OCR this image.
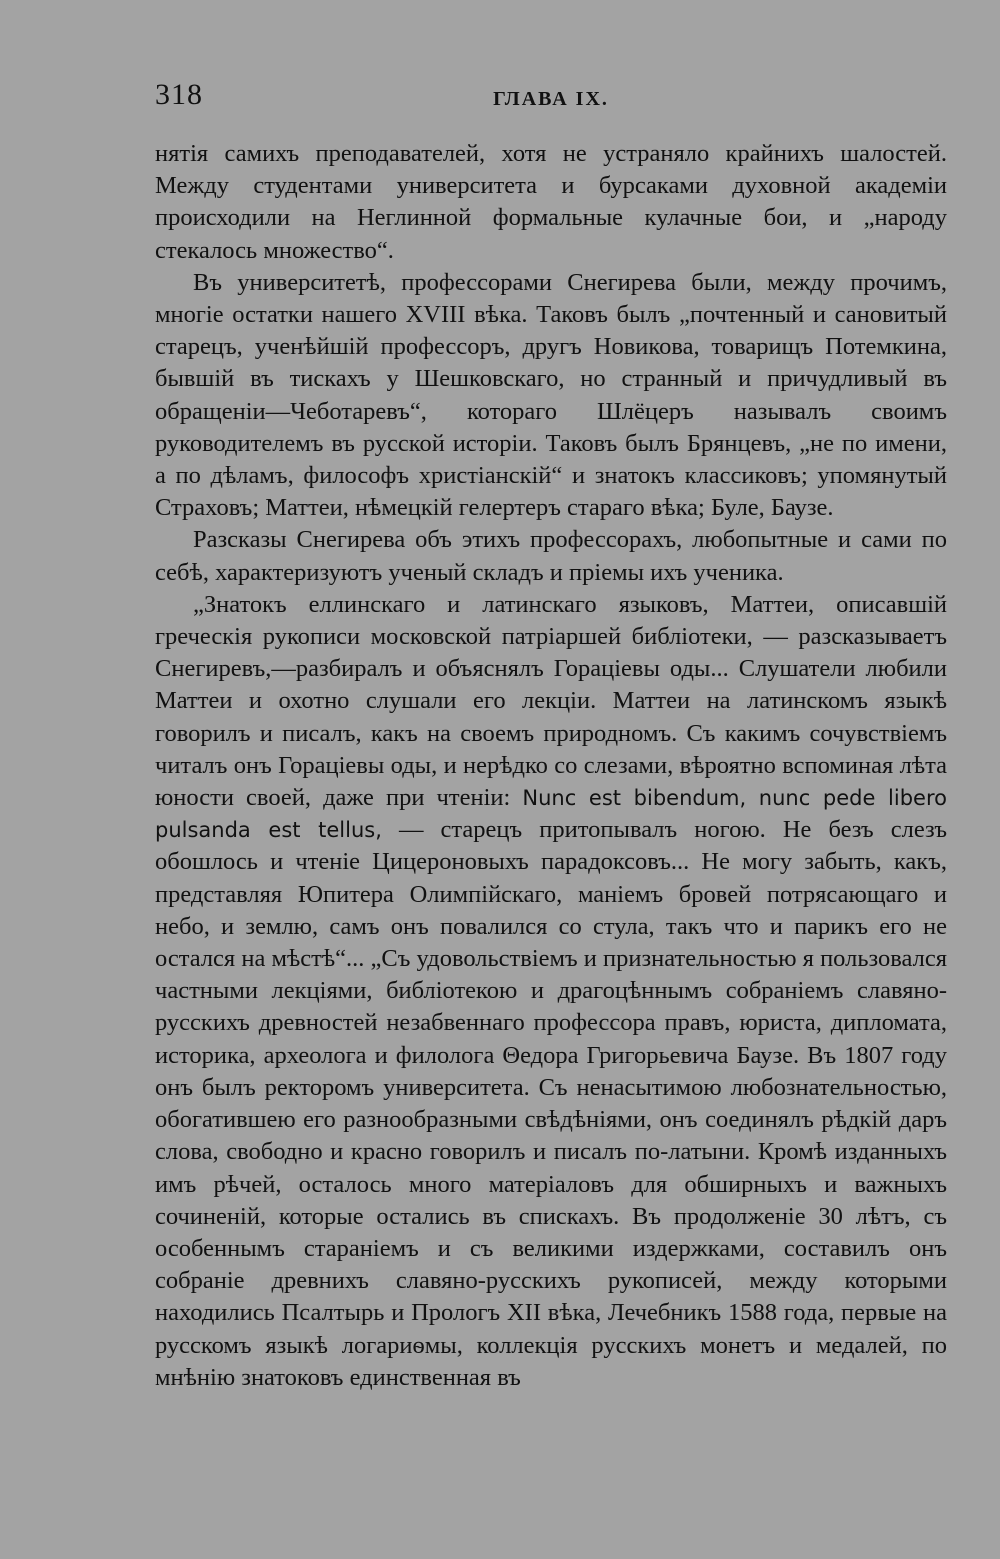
318	ГЛАВА IX.

нятія самихъ преподавателей, хотя не устраняло крайнихъ шалостей. Между студентами университета и бурсаками духовной академіи происходили на Неглинной формальные кулачные бои, и „народу стекалось множество“.

Въ университетѣ, профессорами Снегирева были, между прочимъ, многіе остатки нашего XVIII вѣка. Таковъ былъ „почтенный и сановитый старецъ, ученѣйшій профессоръ, другъ Новикова, товарищъ Потемкина, бывшій въ тискахъ у Шешковскаго, но странный и причудливый въ обращеніи—Чеботаревъ“, котораго Шлёцеръ называлъ своимъ руководителемъ въ русской исторіи. Таковъ былъ Брянцевъ, „не по имени, а по дѣламъ, философъ христіанскій“ и знатокъ классиковъ; упомянутый Страховъ; Маттеи, нѣмецкій гелертеръ стараго вѣка; Буле, Баузе.

Разсказы Снегирева объ этихъ профессорахъ, любопытные и сами по себѣ, характеризуютъ ученый складъ и пріемы ихъ ученика.

„Знатокъ еллинскаго и латинскаго языковъ, Маттеи, описавшій греческія рукописи московской патріаршей библіотеки, — разсказываетъ Снегиревъ,—разбиралъ и объяснялъ Гораціевы оды... Слушатели любили Маттеи и охотно слушали его лекціи. Маттеи на латинскомъ языкѣ говорилъ и писалъ, какъ на своемъ природномъ. Съ какимъ сочувствіемъ читалъ онъ Гораціевы оды, и нерѣдко со слезами, вѣроятно вспоминая лѣта юности своей, даже при чтеніи: Nunc est bibendum, nunc pede libero pulsanda est tellus, — старецъ притопывалъ ногою. Не безъ слезъ обошлось и чтеніе Цицероновыхъ парадоксовъ... Не могу забыть, какъ, представляя Юпитера Олимпійскаго, маніемъ бровей потрясающаго и небо, и землю, самъ онъ повалился со стула, такъ что и парикъ его не остался на мѣстѣ“... „Съ удовольствіемъ и признательностью я пользовался частными лекціями, библіотекою и драгоцѣннымъ собраніемъ славяно-русскихъ древностей незабвеннаго профессора правъ, юриста, дипломата, историка, археолога и филолога Θедора Григорьевича Баузе. Въ 1807 году онъ былъ ректоромъ университета. Съ ненасытимою любознательностью, обогатившею его разнообразными свѣдѣніями, онъ соединялъ рѣдкій даръ слова, свободно и красно говорилъ и писалъ по-латыни. Кромѣ изданныхъ имъ рѣчей, осталось много матеріаловъ для обширныхъ и важныхъ сочиненій, которые остались въ спискахъ. Въ продолженіе 30 лѣтъ, съ особеннымъ стараніемъ и съ великими издержками, составилъ онъ собраніе древнихъ славяно-русскихъ рукописей, между которыми находились Псалтырь и Прологъ XII вѣка, Лечебникъ 1588 года, первые на русскомъ языкѣ логариѳмы, коллекція русскихъ монетъ и медалей, по мнѣнію знатоковъ единственная въ
